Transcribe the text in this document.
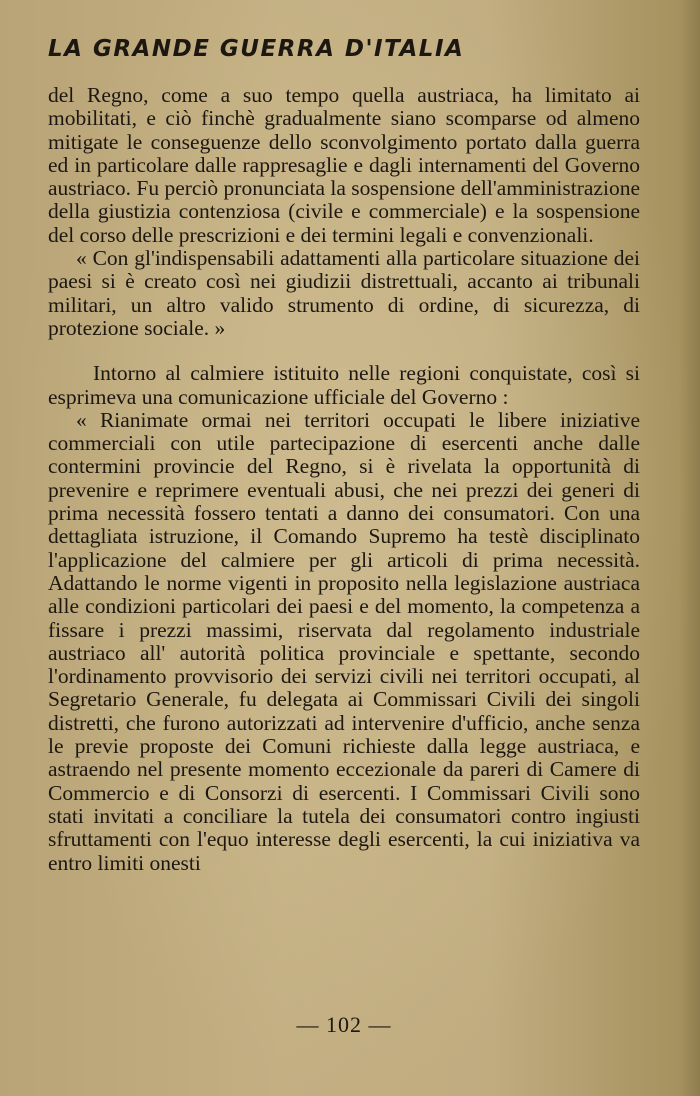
LA GRANDE GUERRA D'ITALIA

del Regno, come a suo tempo quella austriaca, ha limitato ai mobilitati, e ciò finchè gradualmente siano scomparse od almeno mitigate le conseguenze dello sconvolgimento portato dalla guerra ed in particolare dalle rappresaglie e dagli internamenti del Governo austriaco. Fu perciò pronunciata la sospensione dell'amministrazione della giustizia contenziosa (civile e commerciale) e la sospensione del corso delle prescrizioni e dei termini legali e convenzionali.

« Con gl'indispensabili adattamenti alla particolare situazione dei paesi si è creato così nei giudizii distrettuali, accanto ai tribunali militari, un altro valido strumento di ordine, di sicurezza, di protezione sociale. »

Intorno al calmiere istituito nelle regioni conquistate, così si esprimeva una comunicazione ufficiale del Governo :

« Rianimate ormai nei territori occupati le libere iniziative commerciali con utile partecipazione di esercenti anche dalle contermini provincie del Regno, si è rivelata la opportunità di prevenire e reprimere eventuali abusi, che nei prezzi dei generi di prima necessità fossero tentati a danno dei consumatori. Con una dettagliata istruzione, il Comando Supremo ha testè disciplinato l'applicazione del calmiere per gli articoli di prima necessità. Adattando le norme vigenti in proposito nella legislazione austriaca alle condizioni particolari dei paesi e del momento, la competenza a fissare i prezzi massimi, riservata dal regolamento industriale austriaco all' autorità politica provinciale e spettante, secondo l'ordinamento provvisorio dei servizi civili nei territori occupati, al Segretario Generale, fu delegata ai Commissari Civili dei singoli distretti, che furono autorizzati ad intervenire d'ufficio, anche senza le previe proposte dei Comuni richieste dalla legge austriaca, e astraendo nel presente momento eccezionale da pareri di Camere di Commercio e di Consorzi di esercenti. I Commissari Civili sono stati invitati a conciliare la tutela dei consumatori contro ingiusti sfruttamenti con l'equo interesse degli esercenti, la cui iniziativa va entro limiti onesti

— 102 —
